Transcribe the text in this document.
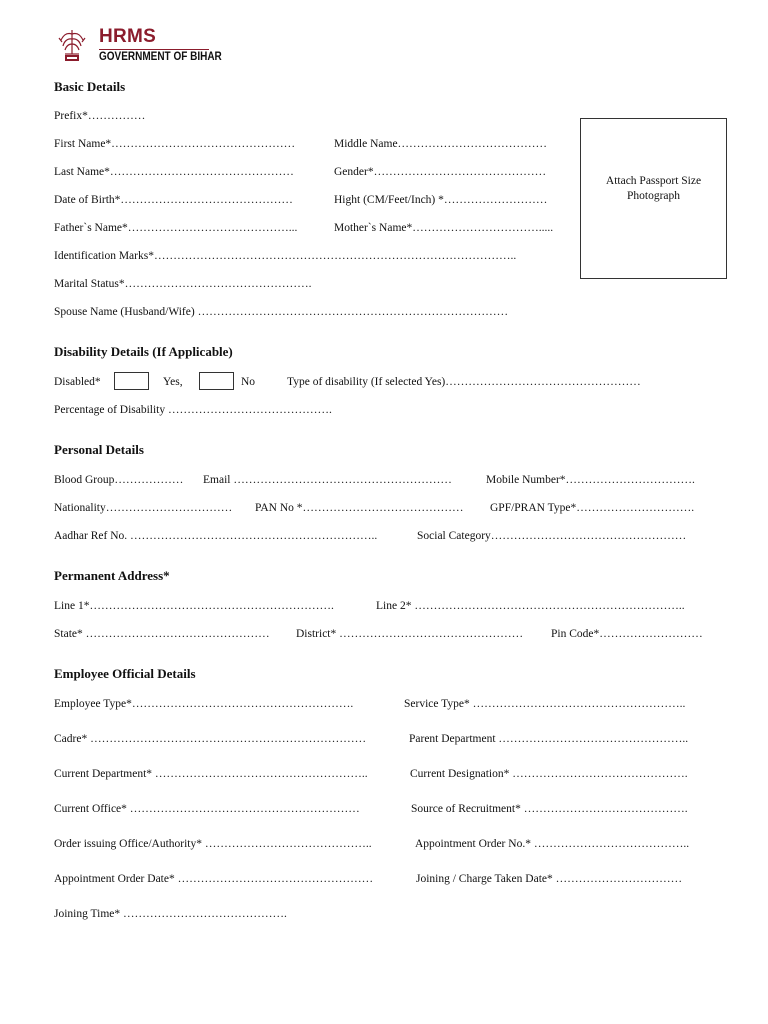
HRMS
GOVERNMENT OF BIHAR
Basic Details
Prefix*……………
First Name*…………………………………………	Middle Name…………………………………
Last Name*…………………………………………	Gender*………………………………………
Date of Birth*………………………………………	Hight (CM/Feet/Inch) *………………………
Father`s Name*……………………………………...	Mother`s Name*…………………………….....
Identification Marks*…………………………………………………………………………………..
Marital Status*………………………………………….
Spouse Name (Husband/Wife) ………………………………………………………………………
Attach Passport Size Photograph
Disability Details (If Applicable)
Disabled*	Yes,	No	Type of disability (If selected Yes)……………………………………………
Percentage of Disability …………………………………….
Personal Details
Blood Group……………… Email …………………………………………………	Mobile Number*…………………………….
Nationality…………………………… PAN No *…………………………………… GPF/PRAN Type*………………………….
Aadhar Ref No. ………………………………………………………..	Social Category……………………………………………
Permanent Address*
Line 1*……………………………………………………….	Line 2* ……………………………………………………………..
State* ………………………………………… District* ………………………………………… Pin Code*………………………
Employee Official Details
Employee Type*………………………………………………….	Service Type* ………………………………………………..
Cadre* ………………………………………………………………	Parent Department …………………………………………..
Current Department* ………………………………………………..	Current Designation* ……………………………………….
Current Office* ……………………………………………………	Source of Recruitment* …………………………………….
Order issuing Office/Authority* ……………………………………..	Appointment Order No.* …………………………………..
Appointment Order Date* ……………………………………………	Joining / Charge Taken Date* ……………………………
Joining Time* …………………………………….
